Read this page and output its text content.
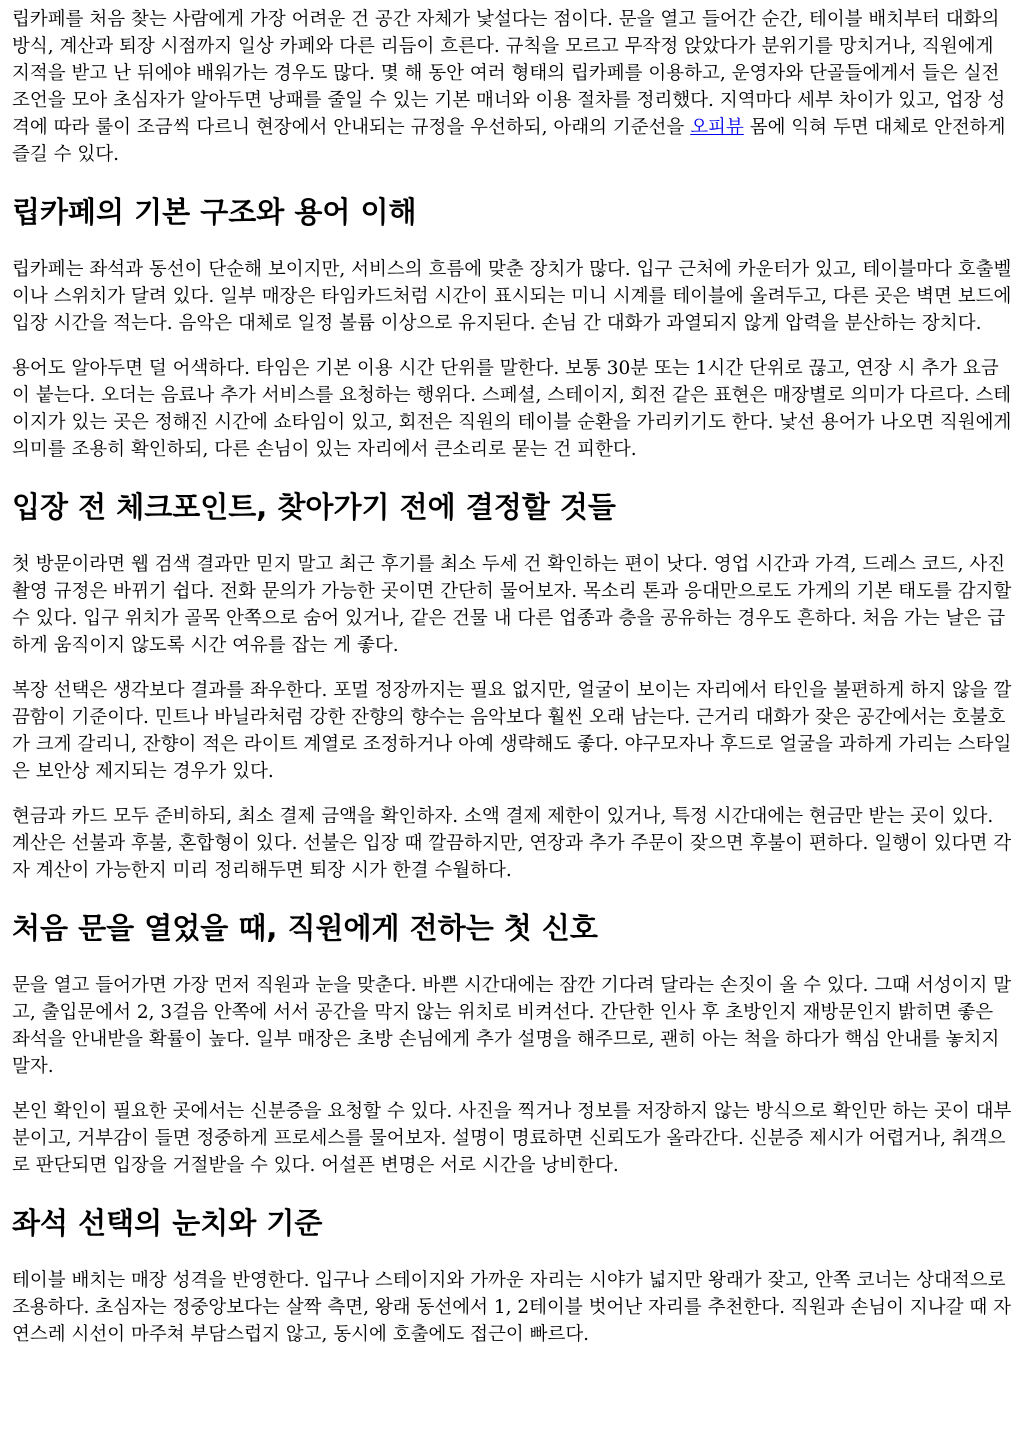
립카페를 처음 찾는 사람에게 가장 어려운 건 공간 자체가 낯설다는 점이다. 문을 열고 들어간 순간, 테이블 배치부터 대화의 방식, 계산과 퇴장 시점까지 일상 카페와 다른 리듬이 흐른다. 규칙을 모르고 무작정 앉았다가 분위기를 망치거나, 직원에게 지적을 받고 난 뒤에야 배워가는 경우도 많다. 몇 해 동안 여러 형태의 립카페를 이용하고, 운영자와 단골들에게서 들은 실전 조언을 모아 초심자가 알아두면 낭패를 줄일 수 있는 기본 매너와 이용 절차를 정리했다. 지역마다 세부 차이가 있고, 업장 성격에 따라 룰이 조금씩 다르니 현장에서 안내되는 규정을 우선하되, 아래의 기준선을 오피뷰 몸에 익혀 두면 대체로 안전하게 즐길 수 있다.

립카페의 기본 구조와 용어 이해

립카페는 좌석과 동선이 단순해 보이지만, 서비스의 흐름에 맞춘 장치가 많다. 입구 근처에 카운터가 있고, 테이블마다 호출벨이나 스위치가 달려 있다. 일부 매장은 타임카드처럼 시간이 표시되는 미니 시계를 테이블에 올려두고, 다른 곳은 벽면 보드에 입장 시간을 적는다. 음악은 대체로 일정 볼륨 이상으로 유지된다. 손님 간 대화가 과열되지 않게 압력을 분산하는 장치다.

용어도 알아두면 덜 어색하다. 타임은 기본 이용 시간 단위를 말한다. 보통 30분 또는 1시간 단위로 끊고, 연장 시 추가 요금이 붙는다. 오더는 음료나 추가 서비스를 요청하는 행위다. 스페셜, 스테이지, 회전 같은 표현은 매장별로 의미가 다르다. 스테이지가 있는 곳은 정해진 시간에 쇼타임이 있고, 회전은 직원의 테이블 순환을 가리키기도 한다. 낯선 용어가 나오면 직원에게 의미를 조용히 확인하되, 다른 손님이 있는 자리에서 큰소리로 묻는 건 피한다.

입장 전 체크포인트, 찾아가기 전에 결정할 것들

첫 방문이라면 웹 검색 결과만 믿지 말고 최근 후기를 최소 두세 건 확인하는 편이 낫다. 영업 시간과 가격, 드레스 코드, 사진 촬영 규정은 바뀌기 쉽다. 전화 문의가 가능한 곳이면 간단히 물어보자. 목소리 톤과 응대만으로도 가게의 기본 태도를 감지할 수 있다. 입구 위치가 골목 안쪽으로 숨어 있거나, 같은 건물 내 다른 업종과 층을 공유하는 경우도 흔하다. 처음 가는 날은 급하게 움직이지 않도록 시간 여유를 잡는 게 좋다.

복장 선택은 생각보다 결과를 좌우한다. 포멀 정장까지는 필요 없지만, 얼굴이 보이는 자리에서 타인을 불편하게 하지 않을 깔끔함이 기준이다. 민트나 바닐라처럼 강한 잔향의 향수는 음악보다 훨씬 오래 남는다. 근거리 대화가 잦은 공간에서는 호불호가 크게 갈리니, 잔향이 적은 라이트 계열로 조정하거나 아예 생략해도 좋다. 야구모자나 후드로 얼굴을 과하게 가리는 스타일은 보안상 제지되는 경우가 있다.

현금과 카드 모두 준비하되, 최소 결제 금액을 확인하자. 소액 결제 제한이 있거나, 특정 시간대에는 현금만 받는 곳이 있다. 계산은 선불과 후불, 혼합형이 있다. 선불은 입장 때 깔끔하지만, 연장과 추가 주문이 잦으면 후불이 편하다. 일행이 있다면 각자 계산이 가능한지 미리 정리해두면 퇴장 시가 한결 수월하다.

처음 문을 열었을 때, 직원에게 전하는 첫 신호

문을 열고 들어가면 가장 먼저 직원과 눈을 맞춘다. 바쁜 시간대에는 잠깐 기다려 달라는 손짓이 올 수 있다. 그때 서성이지 말고, 출입문에서 2, 3걸음 안쪽에 서서 공간을 막지 않는 위치로 비켜선다. 간단한 인사 후 초방인지 재방문인지 밝히면 좋은 좌석을 안내받을 확률이 높다. 일부 매장은 초방 손님에게 추가 설명을 해주므로, 괜히 아는 척을 하다가 핵심 안내를 놓치지 말자.

본인 확인이 필요한 곳에서는 신분증을 요청할 수 있다. 사진을 찍거나 정보를 저장하지 않는 방식으로 확인만 하는 곳이 대부분이고, 거부감이 들면 정중하게 프로세스를 물어보자. 설명이 명료하면 신뢰도가 올라간다. 신분증 제시가 어렵거나, 취객으로 판단되면 입장을 거절받을 수 있다. 어설픈 변명은 서로 시간을 낭비한다.

좌석 선택의 눈치와 기준

테이블 배치는 매장 성격을 반영한다. 입구나 스테이지와 가까운 자리는 시야가 넓지만 왕래가 잦고, 안쪽 코너는 상대적으로 조용하다. 초심자는 정중앙보다는 살짝 측면, 왕래 동선에서 1, 2테이블 벗어난 자리를 추천한다. 직원과 손님이 지나갈 때 자연스레 시선이 마주쳐 부담스럽지 않고, 동시에 호출에도 접근이 빠르다.
